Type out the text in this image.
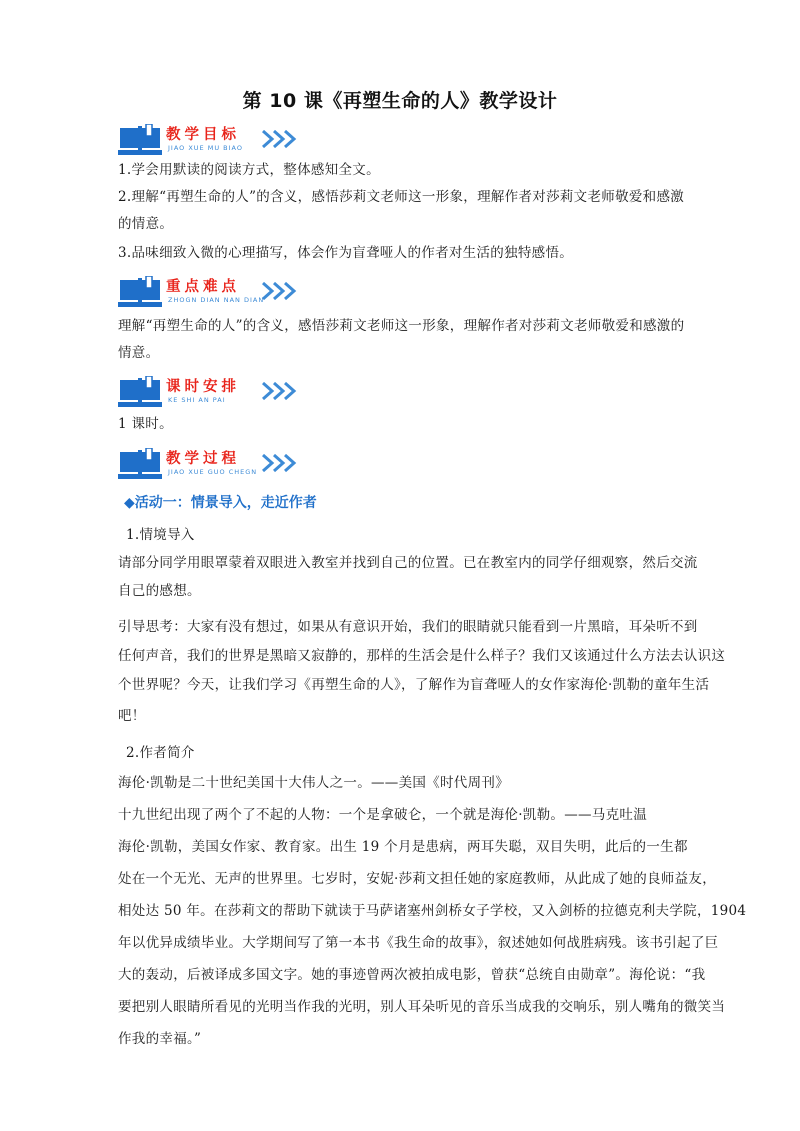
第 10 课《再塑生命的人》教学设计
教学目标
JIAO XUE MU BIAO
1.学会用默读的阅读方式，整体感知全文。
2.理解“再塑生命的人”的含义，感悟莎莉文老师这一形象，理解作者对莎莉文老师敬爱和感激
的情意。
3.品味细致入微的心理描写，体会作为盲聋哑人的作者对生活的独特感悟。
重点难点
ZHOGN DIAN NAN DIAN
理解“再塑生命的人”的含义，感悟莎莉文老师这一形象，理解作者对莎莉文老师敬爱和感激的
情意。
课时安排
KE SHI AN PAI
1 课时。
教学过程
JIAO XUE GUO CHEGN
◆活动一：情景导入，走近作者
1.情境导入
请部分同学用眼罩蒙着双眼进入教室并找到自己的位置。已在教室内的同学仔细观察，然后交流
自己的感想。
引导思考：大家有没有想过，如果从有意识开始，我们的眼睛就只能看到一片黑暗，耳朵听不到
任何声音，我们的世界是黑暗又寂静的，那样的生活会是什么样子？我们又该通过什么方法去认识这
个世界呢？今天，让我们学习《再塑生命的人》，了解作为盲聋哑人的女作家海伦·凯勒的童年生活
吧！
2.作者简介
海伦·凯勒是二十世纪美国十大伟人之一。——美国《时代周刊》
十九世纪出现了两个了不起的人物：一个是拿破仑，一个就是海伦·凯勒。——马克吐温
海伦·凯勒，美国女作家、教育家。出生 19 个月是患病，两耳失聪，双目失明，此后的一生都
处在一个无光、无声的世界里。七岁时，安妮·莎莉文担任她的家庭教师，从此成了她的良师益友，
相处达 50 年。在莎莉文的帮助下就读于马萨诸塞州剑桥女子学校，又入剑桥的拉德克利夫学院，1904
年以优异成绩毕业。大学期间写了第一本书《我生命的故事》，叙述她如何战胜病残。该书引起了巨
大的轰动，后被译成多国文字。她的事迹曾两次被拍成电影，曾获“总统自由勋章”。海伦说：“我
要把别人眼睛所看见的光明当作我的光明，别人耳朵听见的音乐当成我的交响乐，别人嘴角的微笑当
作我的幸福。”
